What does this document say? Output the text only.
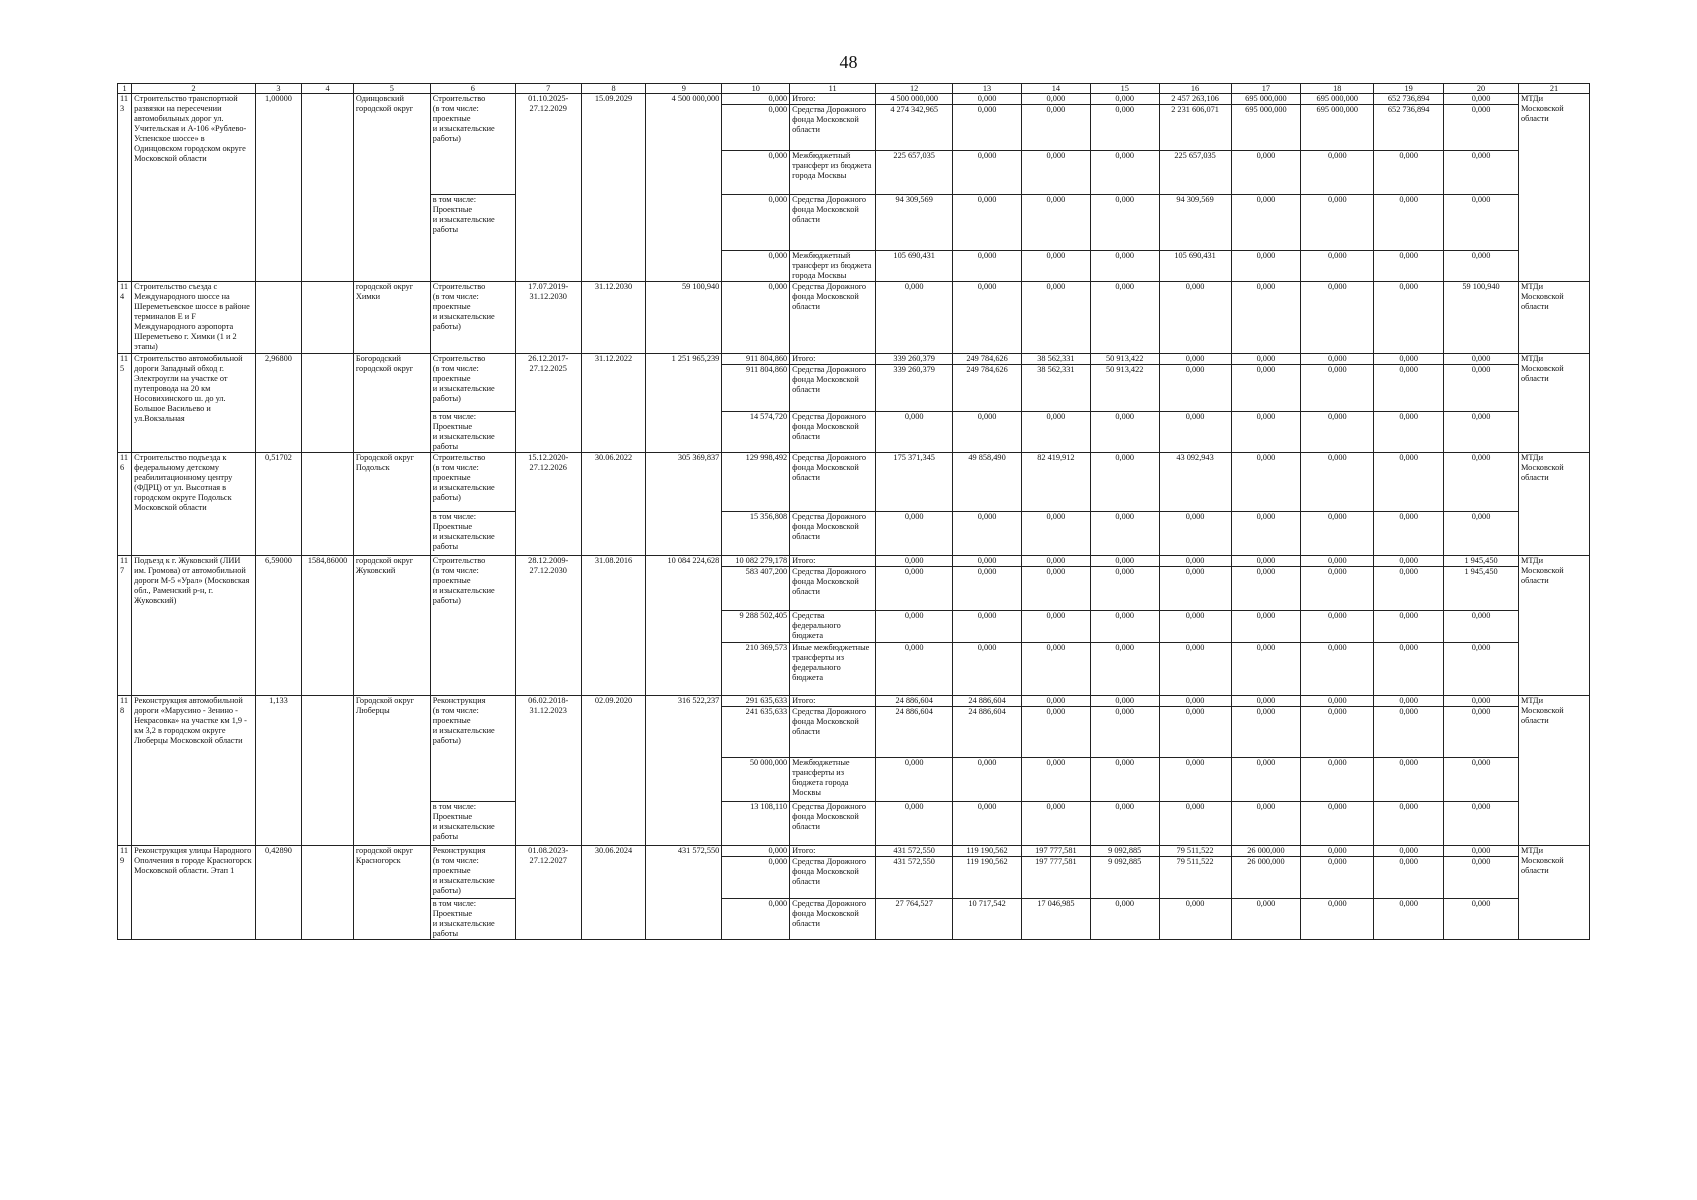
48
1	2	3	4	5	6	7	8	9	10	11	12	13	14	15	16	17	18	19	20	21
113	Строительство транспортной развязки на пересечении автомобильных дорог ул. Учительская и А-106 «Рублево-Успенское шоссе» в Одинцовском городском округе Московской области	1,00000		Одинцовский городской округ	Строительство
(в том числе:
проектные
и изыскательские
работы)	01.10.2025-
27.12.2029	15.09.2029	4 500 000,000	0,000	Итого:	4 500 000,000	0,000	0,000	0,000	2 457 263,106	695 000,000	695 000,000	652 736,894	0,000	МТДи Московской области
									0,000	Средства Дорожного фонда Московской области	4 274 342,965	0,000	0,000	0,000	2 231 606,071	695 000,000	695 000,000	652 736,894	0,000	
									0,000	Межбюджетный трансферт из бюджета города Москвы	225 657,035	0,000	0,000	0,000	225 657,035	0,000	0,000	0,000	0,000	
					в том числе:
Проектные
и изыскательские
работы				0,000	Средства Дорожного фонда Московской области	94 309,569	0,000	0,000	0,000	94 309,569	0,000	0,000	0,000	0,000	
									0,000	Межбюджетный трансферт из бюджета города Москвы	105 690,431	0,000	0,000	0,000	105 690,431	0,000	0,000	0,000	0,000	
114	Строительство съезда с Международного шоссе на Шереметьевское шоссе в районе терминалов E и F Международного аэропорта Шереметьево г. Химки (1 и 2 этапы)			городской округ Химки	Строительство
(в том числе:
проектные
и изыскательские
работы)	17.07.2019-
31.12.2030	31.12.2030	59 100,940	0,000	Средства Дорожного фонда Московской области	0,000	0,000	0,000	0,000	0,000	0,000	0,000	0,000	59 100,940	МТДи Московской области
115	Строительство автомобильной дороги Западный обход г. Электроугли на участке от путепровода на 20 км Носовихинского ш. до ул. Большое Васильево и ул.Вокзальная	2,96800		Богородский городской округ	Строительство
(в том числе:
проектные
и изыскательские
работы)	26.12.2017-
27.12.2025	31.12.2022	1 251 965,239	911 804,860	Итого:	339 260,379	249 784,626	38 562,331	50 913,422	0,000	0,000	0,000	0,000	0,000	МТДи Московской области
									911 804,860	Средства Дорожного фонда Московской области	339 260,379	249 784,626	38 562,331	50 913,422	0,000	0,000	0,000	0,000	0,000	
					в том числе:
Проектные
и изыскательские
работы				14 574,720	Средства Дорожного фонда Московской области	0,000	0,000	0,000	0,000	0,000	0,000	0,000	0,000	0,000	
116	Строительство подъезда к федеральному детскому реабилитационному центру (ФДРЦ) от ул. Высотная в городском округе Подольск Московской области	0,51702		Городской округ Подольск	Строительство
(в том числе:
проектные
и изыскательские
работы)	15.12.2020-
27.12.2026	30.06.2022	305 369,837	129 998,492	Средства Дорожного фонда Московской области	175 371,345	49 858,490	82 419,912	0,000	43 092,943	0,000	0,000	0,000	0,000	МТДи Московской области
					в том числе:
Проектные
и изыскательские
работы				15 356,808	Средства Дорожного фонда Московской области	0,000	0,000	0,000	0,000	0,000	0,000	0,000	0,000	0,000	
117	Подъезд к г. Жуковский (ЛИИ им. Громова) от автомобильной дороги М-5 «Урал» (Московская обл., Раменский р-н, г. Жуковский)	6,59000	1584,86000	городской округ Жуковский	Строительство
(в том числе:
проектные
и изыскательские
работы)	28.12.2009-
27.12.2030	31.08.2016	10 084 224,628	10 082 279,178	Итого:	0,000	0,000	0,000	0,000	0,000	0,000	0,000	0,000	1 945,450	МТДи Московской области
									583 407,200	Средства Дорожного фонда Московской области	0,000	0,000	0,000	0,000	0,000	0,000	0,000	0,000	1 945,450	
									9 288 502,405	Средства федерального бюджета	0,000	0,000	0,000	0,000	0,000	0,000	0,000	0,000	0,000	
									210 369,573	Иные межбюджетные трансферты из федерального бюджета	0,000	0,000	0,000	0,000	0,000	0,000	0,000	0,000	0,000	
118	Реконструкция автомобильной дороги «Марусино - Зенино - Некрасовка» на участке км 1,9 - км 3,2 в городском округе Люберцы Московской области	1,133		Городской округ Люберцы	Реконструкция
(в том числе:
проектные
и изыскательские
работы)	06.02.2018-
31.12.2023	02.09.2020	316 522,237	291 635,633	Итого:	24 886,604	24 886,604	0,000	0,000	0,000	0,000	0,000	0,000	0,000	МТДи Московской области
									241 635,633	Средства Дорожного фонда Московской области	24 886,604	24 886,604	0,000	0,000	0,000	0,000	0,000	0,000	0,000	
									50 000,000	Межбюджетные трансферты из бюджета города Москвы	0,000	0,000	0,000	0,000	0,000	0,000	0,000	0,000	0,000	
					в том числе:
Проектные
и изыскательские
работы				13 108,110	Средства Дорожного фонда Московской области	0,000	0,000	0,000	0,000	0,000	0,000	0,000	0,000	0,000	
119	Реконструкция улицы Народного Ополчения в городе Красногорск Московской области. Этап 1	0,42890		городской округ Красногорск	Реконструкция
(в том числе:
проектные
и изыскательские
работы)	01.08.2023-
27.12.2027	30.06.2024	431 572,550	0,000	Итого:	431 572,550	119 190,562	197 777,581	9 092,885	79 511,522	26 000,000	0,000	0,000	0,000	МТДи Московской области
									0,000	Средства Дорожного фонда Московской области	431 572,550	119 190,562	197 777,581	9 092,885	79 511,522	26 000,000	0,000	0,000	0,000	
					в том числе:
Проектные
и изыскательские
работы				0,000	Средства Дорожного фонда Московской области	27 764,527	10 717,542	17 046,985	0,000	0,000	0,000	0,000	0,000	0,000	
